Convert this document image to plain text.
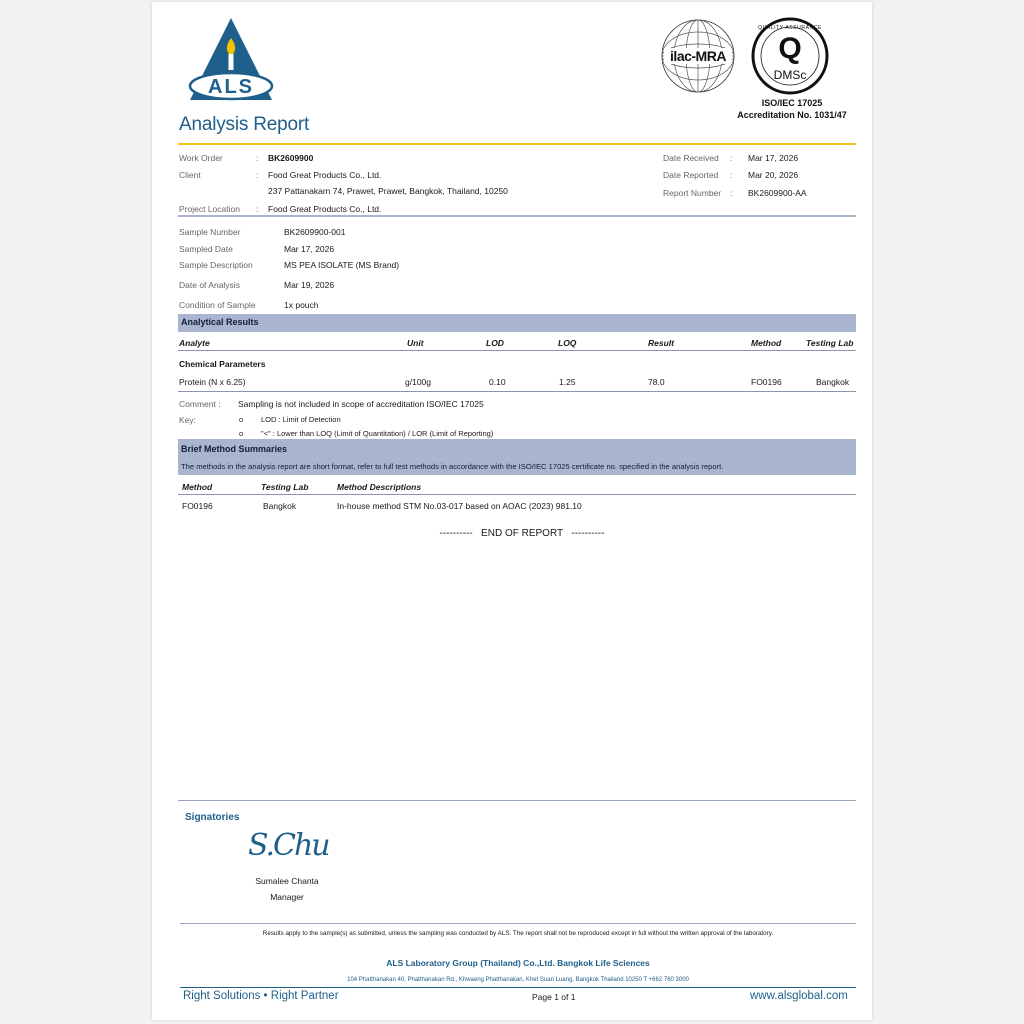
ALS
Analysis Report
ilac-MRA
QUALITY ASSURANCE
Q
DMSc
ISO/IEC 17025
Accreditation No. 1031/47
Work Order	: BK2609900
Client	: Food Great Products Co., Ltd.
237 Pattanakarn 74, Prawet, Prawet, Bangkok, Thailand, 10250
Project Location : Food Great Products Co., Ltd.
Date Received : Mar 17, 2026
Date Reported : Mar 20, 2026
Report Number : BK2609900-AA
Sample Number	BK2609900-001
Sampled Date	Mar 17, 2026
Sample Description	MS PEA ISOLATE (MS Brand)
Date of Analysis	Mar 19, 2026
Condition of Sample	1x pouch
Analytical Results
Analyte	Unit	LOD	LOQ	Result	Method	Testing Lab
Chemical Parameters
Protein (N x 6.25)	g/100g	0.10	1.25	78.0	FO0196	Bangkok
Comment : Sampling is not included in scope of accreditation ISO/IEC 17025
Key:	o LOD : Limit of Detection
o "<" : Lower than LOQ (Limit of Quantitation) / LOR (Limit of Reporting)
Brief Method Summaries
The methods in the analysis report are short format, refer to full test methods in accordance with the ISO/IEC 17025 certificate no. specified in the analysis report.
Method	Testing Lab	Method Descriptions
FO0196	Bangkok	In-house method STM No.03-017 based on AOAC (2023) 981.10
----------   END OF REPORT   ----------
Signatories
S.Chu
Sumalee Chanta
Manager
Results apply to the sample(s) as submitted, unless the sampling was conducted by ALS. The report shall not be reproduced except in full without the written approval of the laboratory.
ALS Laboratory Group (Thailand) Co.,Ltd. Bangkok Life Sciences
104 Phatthanakan 40, Phatthanakan Rd., Khwaeng Phatthanakan, Khet Suan Luang, Bangkok Thailand 10250 T +662 760 3000
Right Solutions • Right Partner	Page 1 of 1	www.alsglobal.com
